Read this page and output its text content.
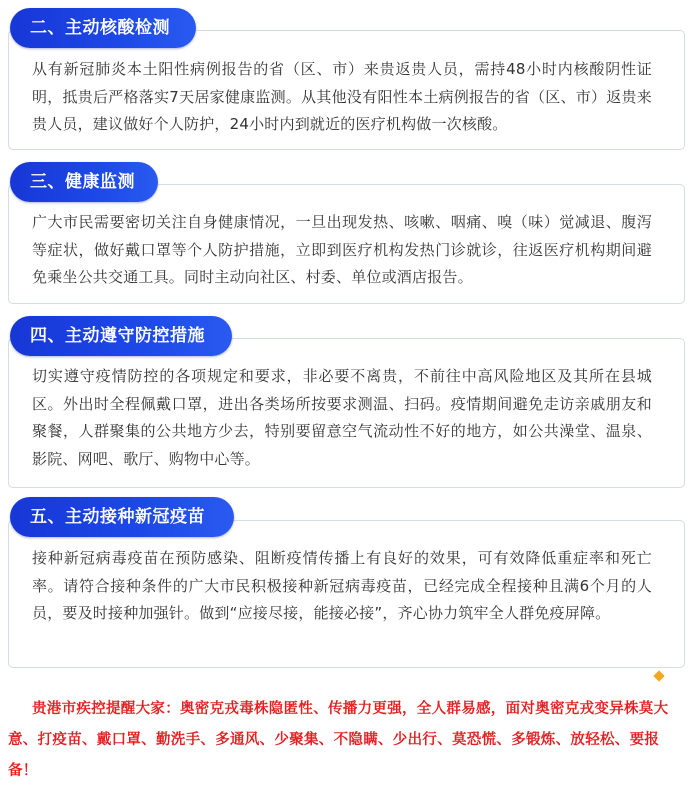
二、主动核酸检测
从有新冠肺炎本土阳性病例报告的省（区、市）来贵返贵人员，需持48小时内核酸阴性证明，抵贵后严格落实7天居家健康监测。从其他没有阳性本土病例报告的省（区、市）返贵来贵人员，建议做好个人防护，24小时内到就近的医疗机构做一次核酸。
三、健康监测
广大市民需要密切关注自身健康情况，一旦出现发热、咳嗽、咽痛、嗅（味）觉减退、腹泻等症状，做好戴口罩等个人防护措施，立即到医疗机构发热门诊就诊，往返医疗机构期间避免乘坐公共交通工具。同时主动向社区、村委、单位或酒店报告。
四、主动遵守防控措施
切实遵守疫情防控的各项规定和要求，非必要不离贵，不前往中高风险地区及其所在县城区。外出时全程佩戴口罩，进出各类场所按要求测温、扫码。疫情期间避免走访亲戚朋友和聚餐，人群聚集的公共地方少去，特别要留意空气流动性不好的地方，如公共澡堂、温泉、影院、网吧、歌厅、购物中心等。
五、主动接种新冠疫苗
接种新冠病毒疫苗在预防感染、阻断疫情传播上有良好的效果，可有效降低重症率和死亡率。请符合接种条件的广大市民积极接种新冠病毒疫苗，已经完成全程接种且满6个月的人员，要及时接种加强针。做到“应接尽接，能接必接”，齐心协力筑牢全人群免疫屏障。
贵港市疾控提醒大家：奥密克戎毒株隐匿性、传播力更强，全人群易感，面对奥密克戎变异株莫大意、打疫苗、戴口罩、勤洗手、多通风、少聚集、不隐瞒、少出行、莫恐慌、多锻炼、放轻松、要报备！
